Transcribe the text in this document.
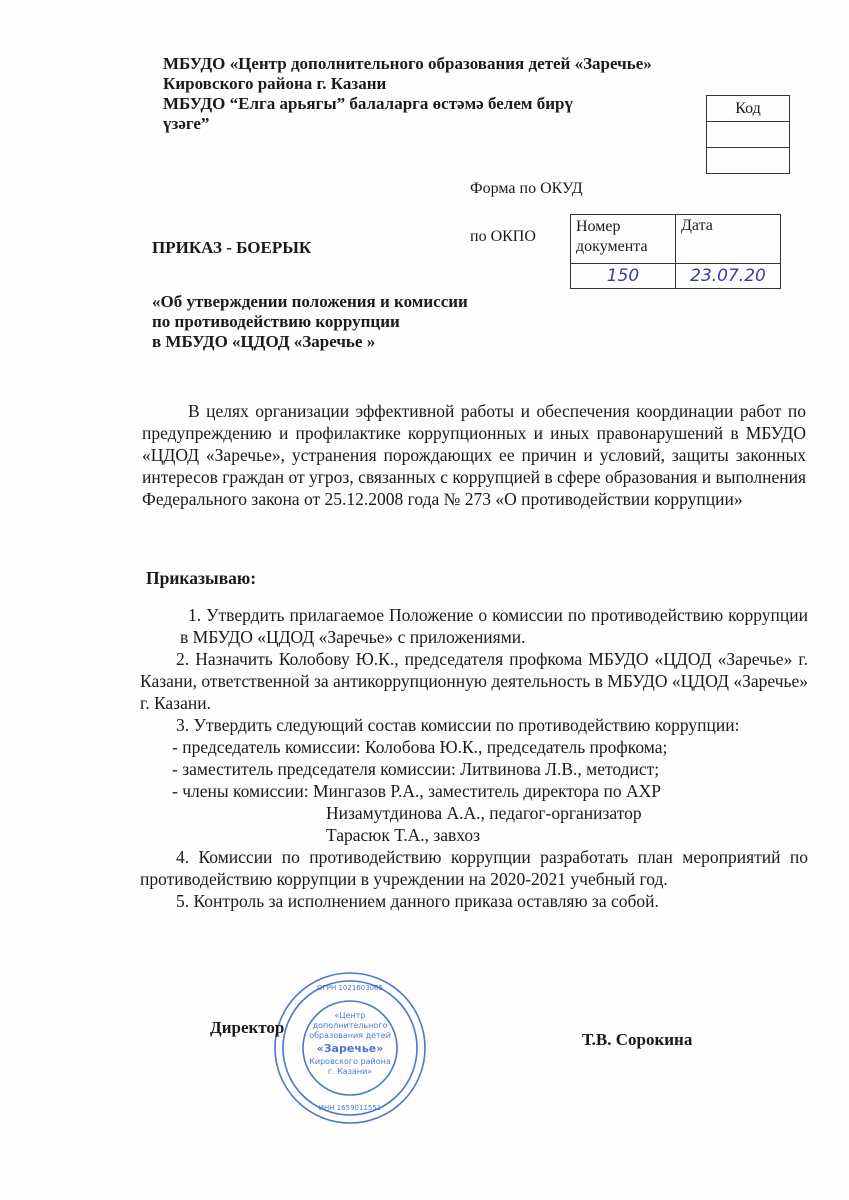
МБУДО «Центр дополнительного образования детей «Заречье»
Кировского района г. Казани
МБУДО “Елга арьягы” балаларга өстәмә белем бирү
үзәге”
Код

Форма по ОКУД
по ОКПО
Номер документа	Дата
150	23.07.20
ПРИКАЗ - БОЕРЫК
«Об утверждении положения и комиссии
по противодействию коррупции
в МБУДО «ЦДОД «Заречье »

В целях организации эффективной работы и обеспечения координации работ по предупреждению и профилактике коррупционных и иных правонарушений в МБУДО «ЦДОД «Заречье», устранения порождающих ее причин и условий, защиты законных интересов граждан от угроз, связанных с коррупцией в сфере образования и выполнения Федерального закона от 25.12.2008 года № 273 «О противодействии коррупции»

Приказываю:

1. Утвердить прилагаемое Положение о комиссии по противодействию коррупции в МБУДО «ЦДОД «Заречье» с приложениями.

2. Назначить Колобову Ю.К., председателя профкома МБУДО «ЦДОД «Заречье» г. Казани, ответственной за антикоррупционную деятельность в МБУДО «ЦДОД «Заречье» г. Казани.

3. Утвердить следующий состав комиссии по противодействию коррупции:

- председатель комиссии: Колобова Ю.К., председатель профкома;

- заместитель председателя комиссии: Литвинова Л.В., методист;

- члены комиссии: Мингазов Р.А., заместитель директора по АХР

Низамутдинова А.А., педагог-организатор

Тарасюк Т.А., завхоз

4. Комиссии по противодействию коррупции разработать план мероприятий по противодействию коррупции в учреждении на 2020-2021 учебный год.

5. Контроль за исполнением данного приказа оставляю за собой.

«Центр
дополнительного
образования детей
«Заречье»
Кировского района
г. Казани»
ОГРН 1021603065
ИНН 1659011551
Директор
Т.В. Сорокина
